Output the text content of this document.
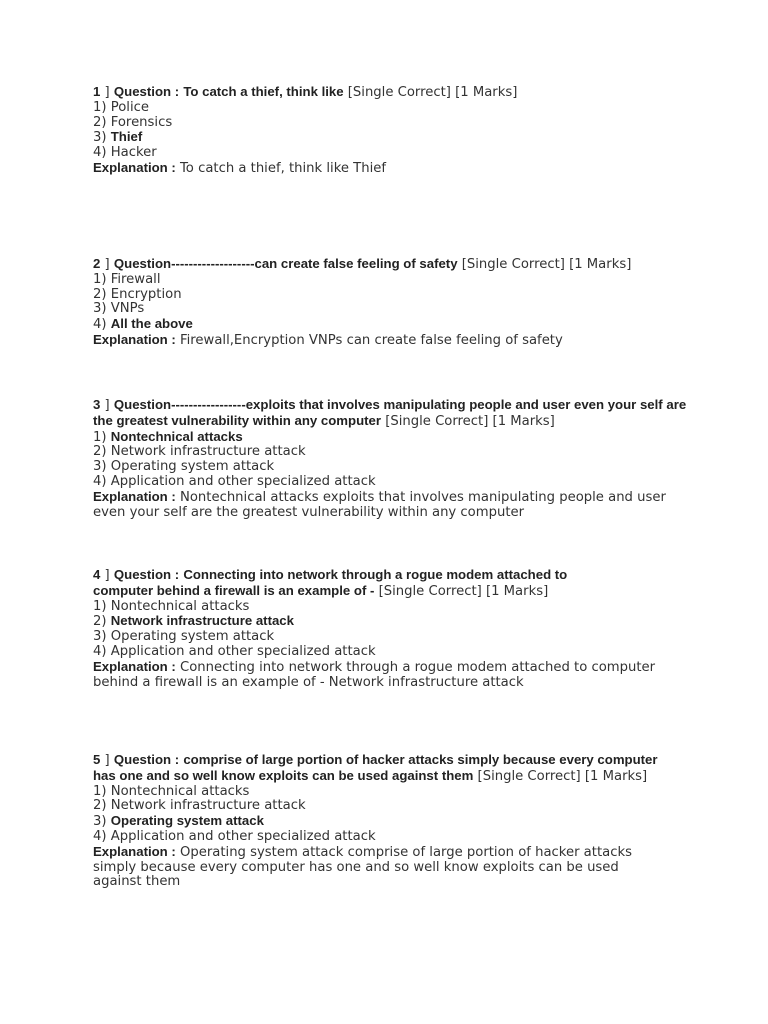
1 ] Question : To catch a thief, think like [Single Correct] [1 Marks]
1) Police
2) Forensics
3) Thief
4) Hacker
Explanation : To catch a thief, think like Thief
2 ] Question-------------------can create false feeling of safety [Single Correct] [1 Marks]
1) Firewall
2) Encryption
3) VNPs
4) All the above
Explanation : Firewall,Encryption VNPs can create false feeling of safety
3 ] Question-----------------exploits that involves manipulating people and user even your self are the greatest vulnerability within any computer [Single Correct] [1 Marks]
1) Nontechnical attacks
2) Network infrastructure attack
3) Operating system attack
4) Application and other specialized attack
Explanation : Nontechnical attacks exploits that involves manipulating people and user even your self are the greatest vulnerability within any computer
4 ] Question : Connecting into network through a rogue modem attached to computer behind a firewall is an example of - [Single Correct] [1 Marks]
1) Nontechnical attacks
2) Network infrastructure attack
3) Operating system attack
4) Application and other specialized attack
Explanation : Connecting into network through a rogue modem attached to computer behind a firewall is an example of - Network infrastructure attack
5 ] Question : comprise of large portion of hacker attacks simply because every computer has one and so well know exploits can be used against them [Single Correct] [1 Marks]
1) Nontechnical attacks
2) Network infrastructure attack
3) Operating system attack
4) Application and other specialized attack
Explanation : Operating system attack comprise of large portion of hacker attacks simply because every computer has one and so well know exploits can be used against them
